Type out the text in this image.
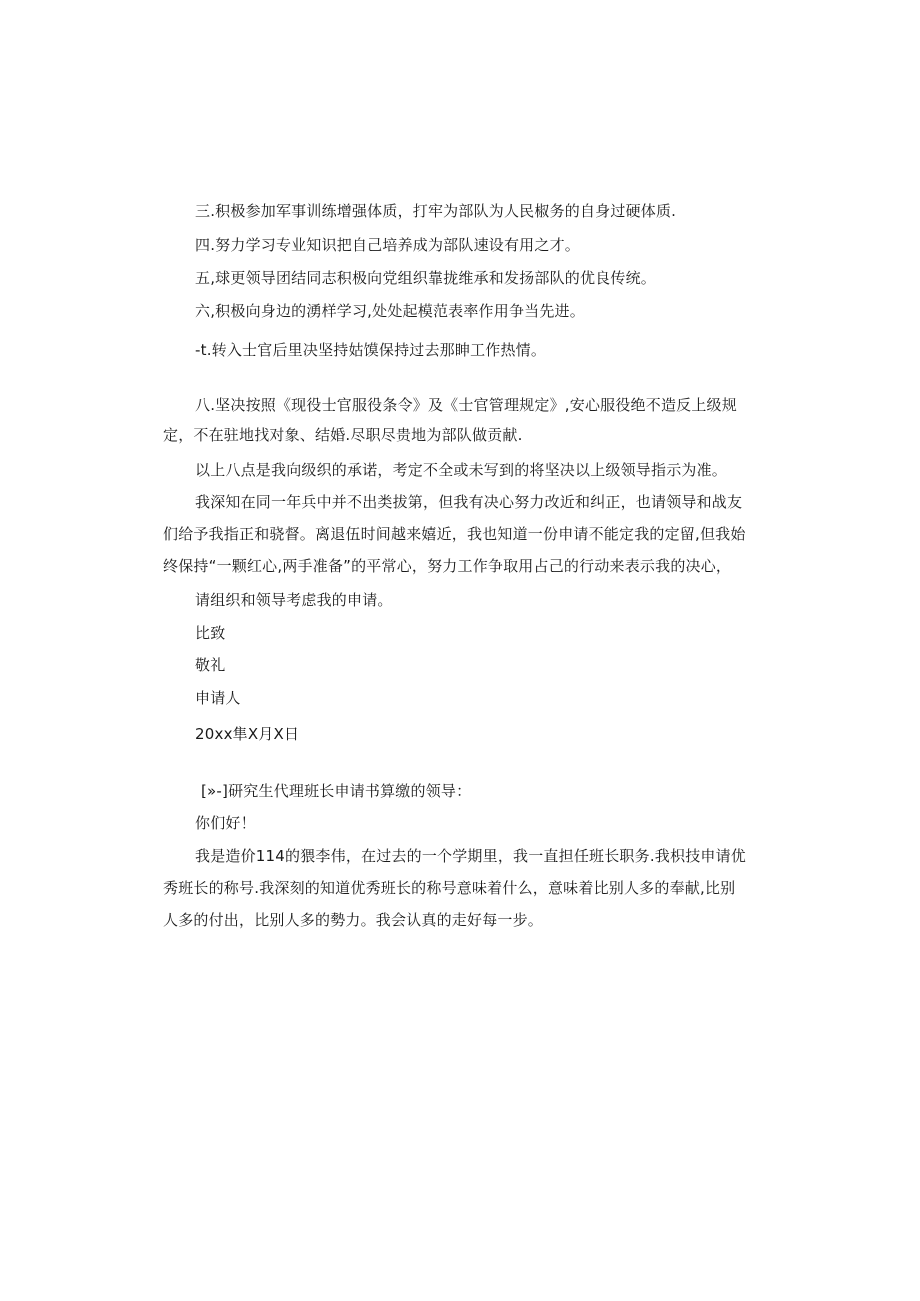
三.积极参加军事训练增强体质，打牢为部队为人民椒务的自身过硬体质.
四.努力学习专业知识把自己培养成为部队速设有用之才。
五,球更领导团结同志积极向党组织靠拢维承和发扬部队的优良传统。
六,积极向身边的湧样学习,处处起模范表率作用争当先进。
-t.转入士官后里决坚持姑馍保持过去那眒工作热情。
八.坚决按照《现役士官服役条令》及《士官管理规定》,安心服役绝不造反上级规
定，不在驻地找对象、结婚.尽职尽贵地为部队做贡献.
以上八点是我向级织的承诺，考定不全或未写到的将坚决以上级领导指示为准。
我深知在同一年兵中并不出类拔第，但我有决心努力改近和纠正，也请领导和战友
们给予我指正和骁督。离退伍时间越来嬉近，我也知道一份申请不能定我的定留,但我始
终保持“一颗红心,两手准备”的平常心，努力工作争取用占己的行动来表示我的决心，
请组织和领导考虑我的申请。
比致
敬礼
申请人
20xx隼X月X日
[»-]研究生代理班长申请书算缴的领导：
你们好！
我是造价114的猥李伟，在过去的一个学期里，我一直担任班长职务.我枳技申请优
秀班长的称号.我深刻的知道优秀班长的称号意味着什么，意味着比别人多的奉献,比别
人多的付出，比别人多的勢力。我会认真的走好每一步。
